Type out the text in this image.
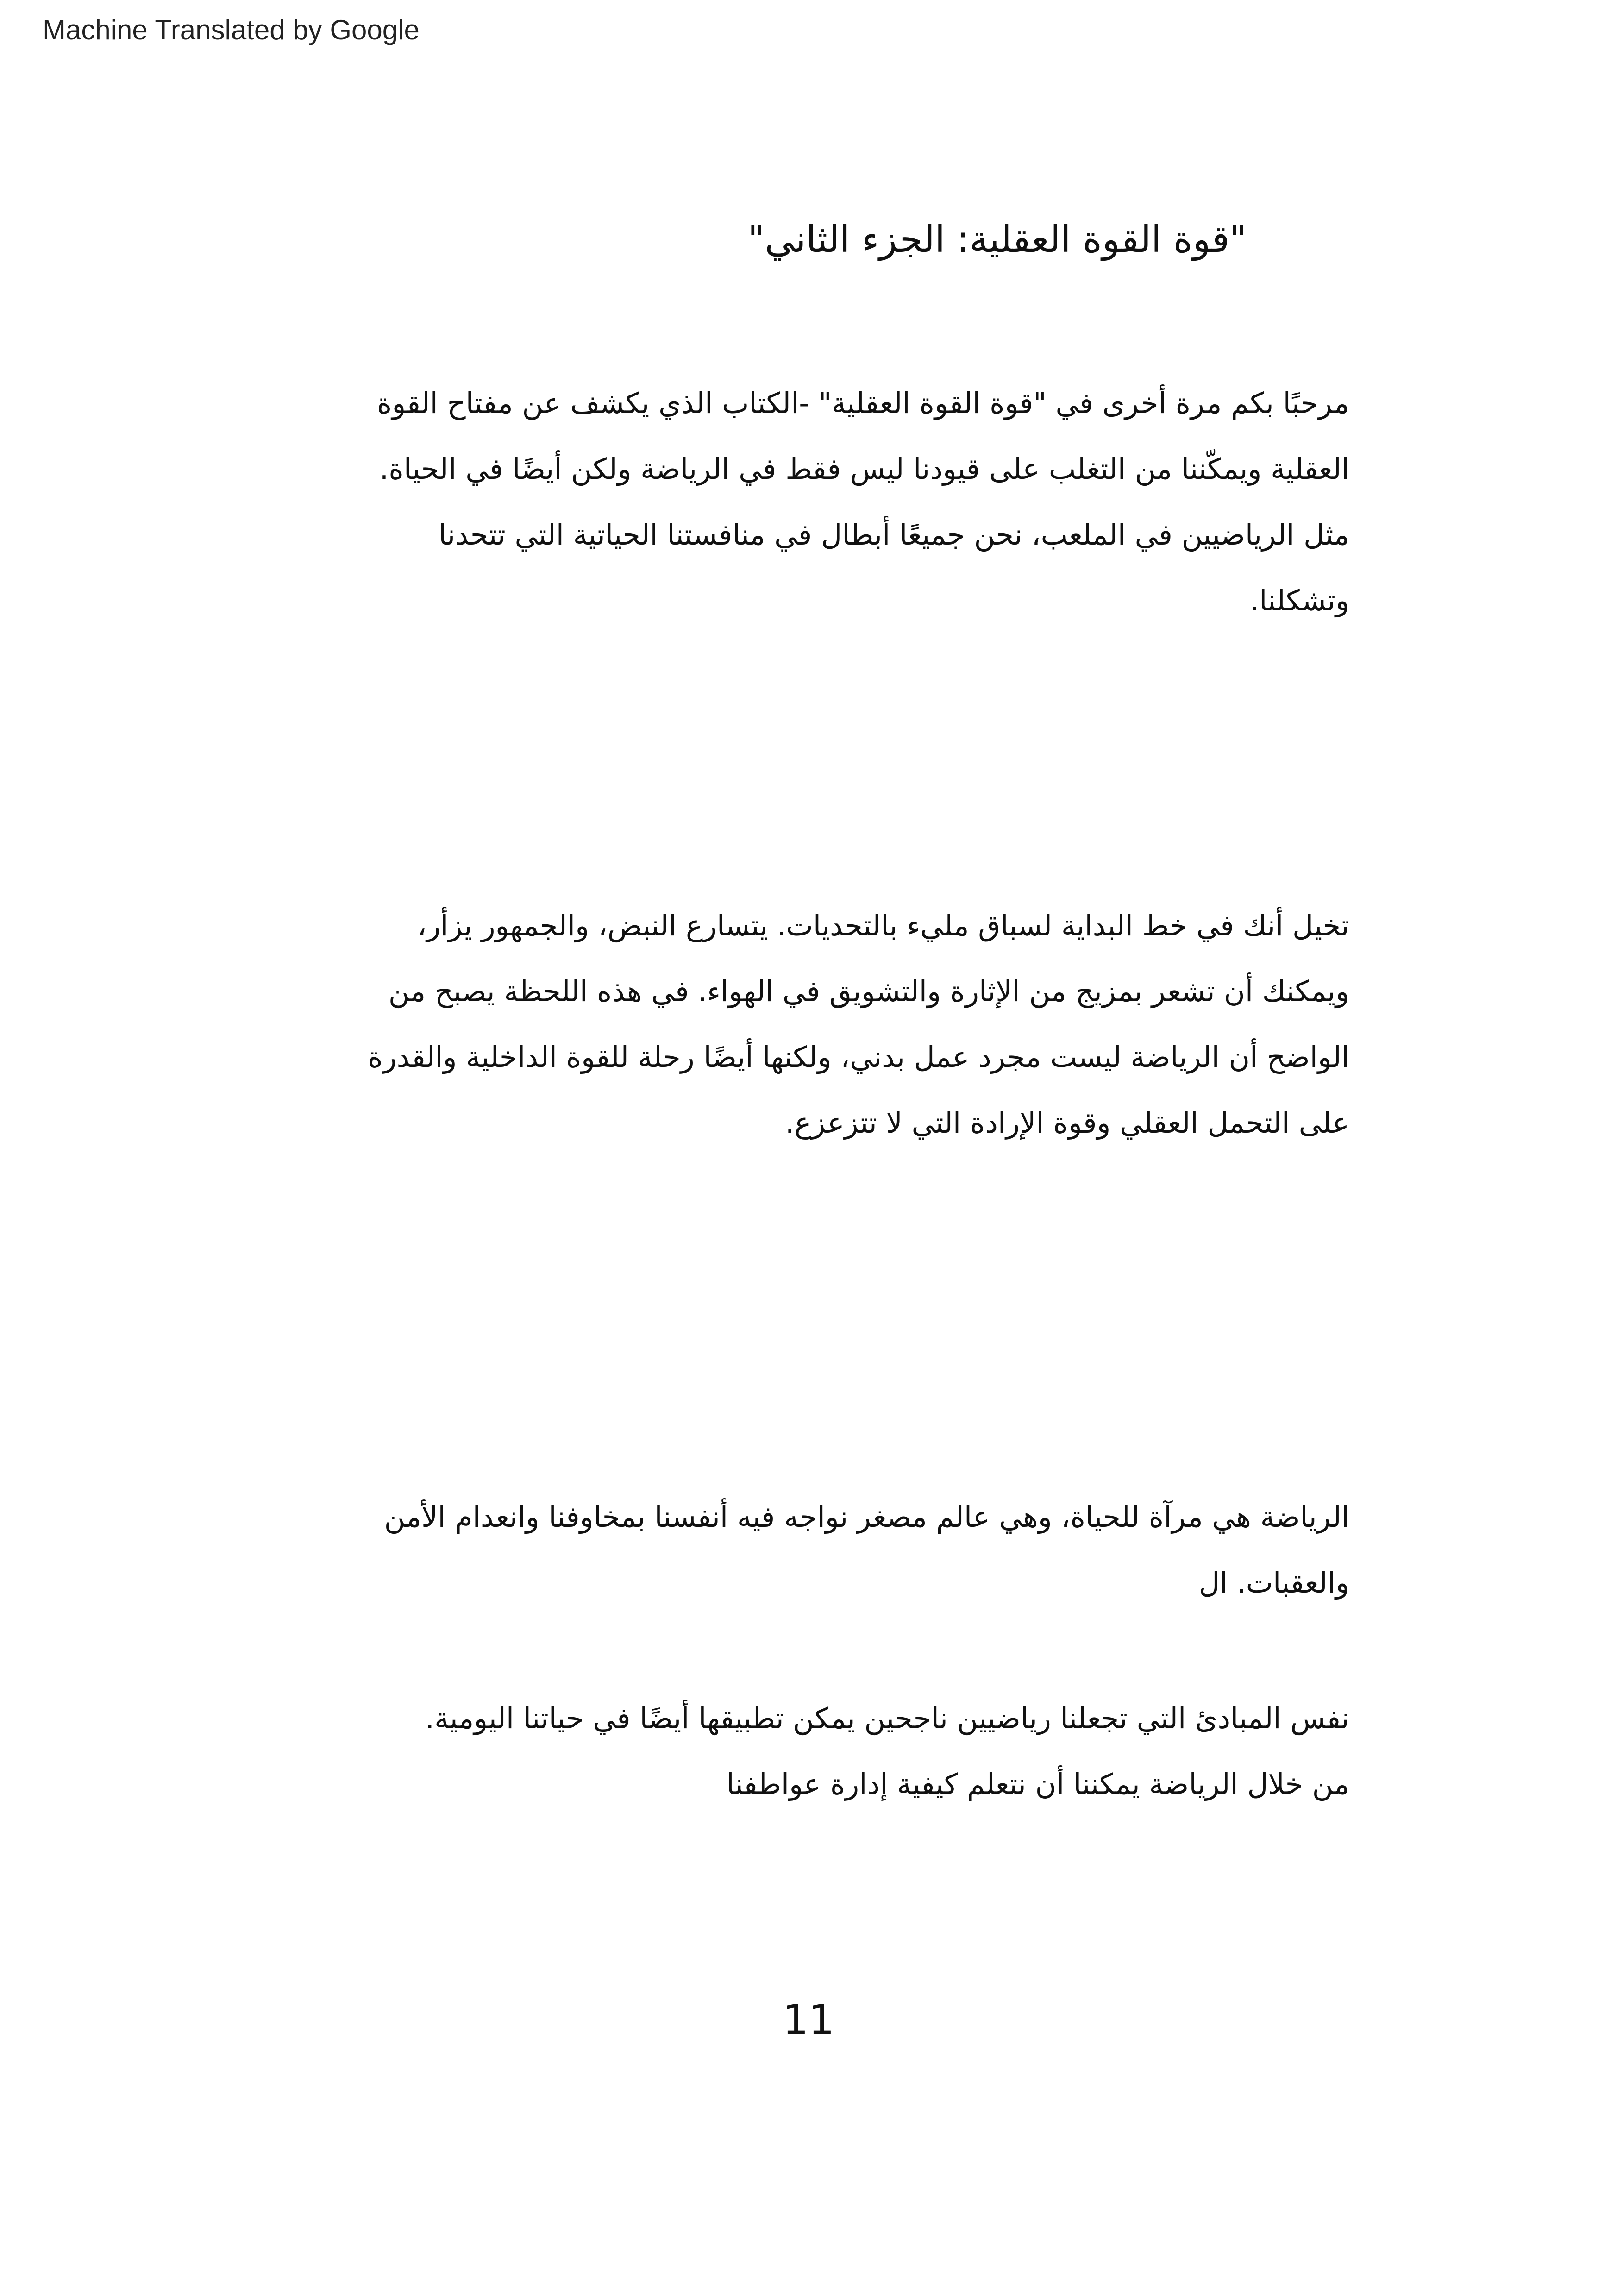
Machine Translated by Google
"قوة القوة العقلية: الجزء الثاني"
مرحبًا بكم مرة أخرى في "قوة القوة العقلية" -الكتاب الذي يكشف عن مفتاح القوة
العقلية ويمكّننا من التغلب على قيودنا ليس فقط في الرياضة ولكن أيضًا في الحياة.
مثل الرياضيين في الملعب، نحن جميعًا أبطال في منافستنا الحياتية التي تتحدنا
وتشكلنا.
تخيل أنك في خط البداية لسباق مليء بالتحديات. يتسارع النبض، والجمهور يزأر،
ويمكنك أن تشعر بمزيج من الإثارة والتشويق في الهواء. في هذه اللحظة يصبح من
الواضح أن الرياضة ليست مجرد عمل بدني، ولكنها أيضًا رحلة للقوة الداخلية والقدرة
على التحمل العقلي وقوة الإرادة التي لا تتزعزع.
الرياضة هي مرآة للحياة، وهي عالم مصغر نواجه فيه أنفسنا بمخاوفنا وانعدام الأمن
والعقبات. ال
نفس المبادئ التي تجعلنا رياضيين ناجحين يمكن تطبيقها أيضًا في حياتنا اليومية.
من خلال الرياضة يمكننا أن نتعلم كيفية إدارة عواطفنا
11
